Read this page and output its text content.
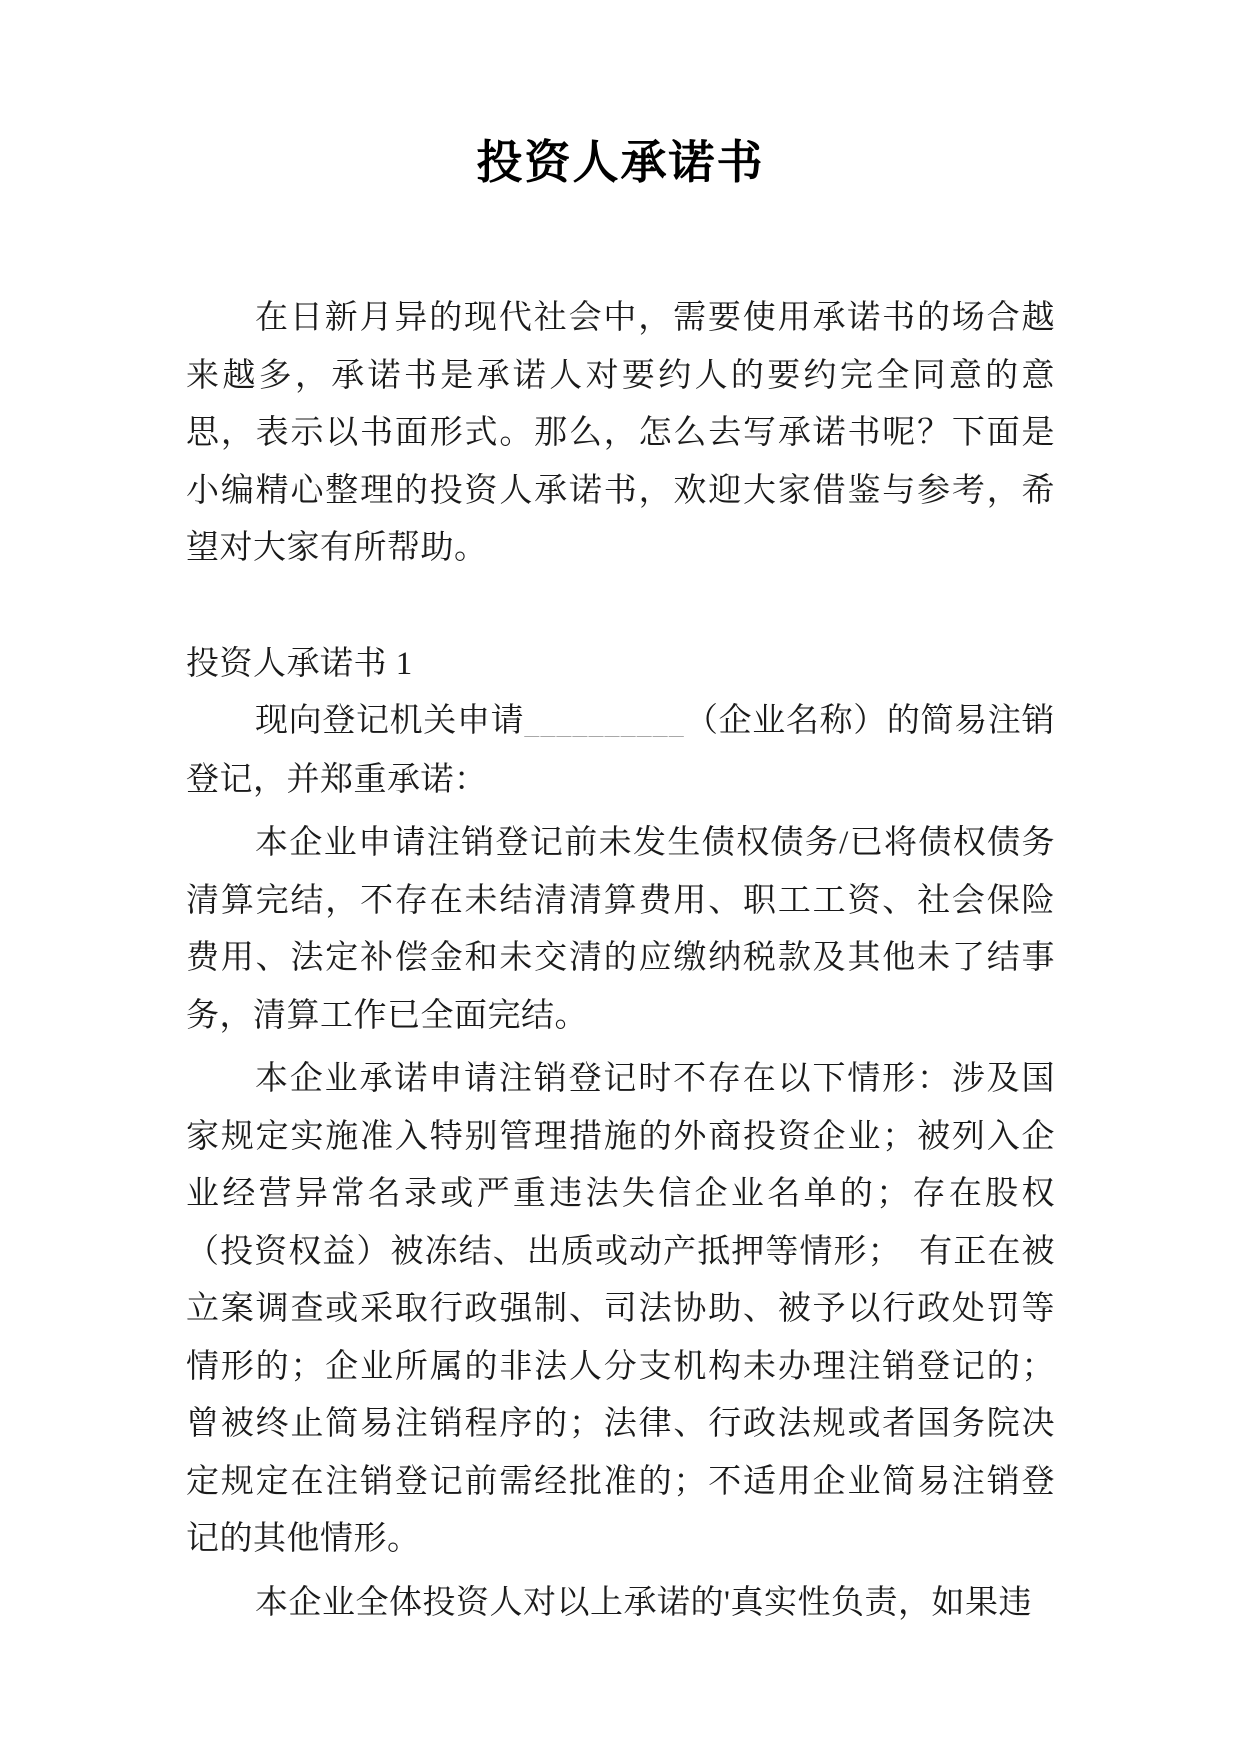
投资人承诺书

在日新月异的现代社会中，需要使用承诺书的场合越来越多，承诺书是承诺人对要约人的要约完全同意的意思，表示以书面形式。那么，怎么去写承诺书呢？下面是小编精心整理的投资人承诺书，欢迎大家借鉴与参考，希望对大家有所帮助。

投资人承诺书 1

现向登记机关申请__________（企业名称）的简易注销登记，并郑重承诺：

本企业申请注销登记前未发生债权债务/已将债权债务清算完结，不存在未结清清算费用、职工工资、社会保险费用、法定补偿金和未交清的应缴纳税款及其他未了结事务，清算工作已全面完结。

本企业承诺申请注销登记时不存在以下情形：涉及国家规定实施准入特别管理措施的外商投资企业；被列入企业经营异常名录或严重违法失信企业名单的；存在股权（投资权益）被冻结、出质或动产抵押等情形；　有正在被立案调查或采取行政强制、司法协助、被予以行政处罚等情形的；企业所属的非法人分支机构未办理注销登记的；曾被终止简易注销程序的；法律、行政法规或者国务院决定规定在注销登记前需经批准的；不适用企业简易注销登记的其他情形。

本企业全体投资人对以上承诺的'真实性负责，如果违
